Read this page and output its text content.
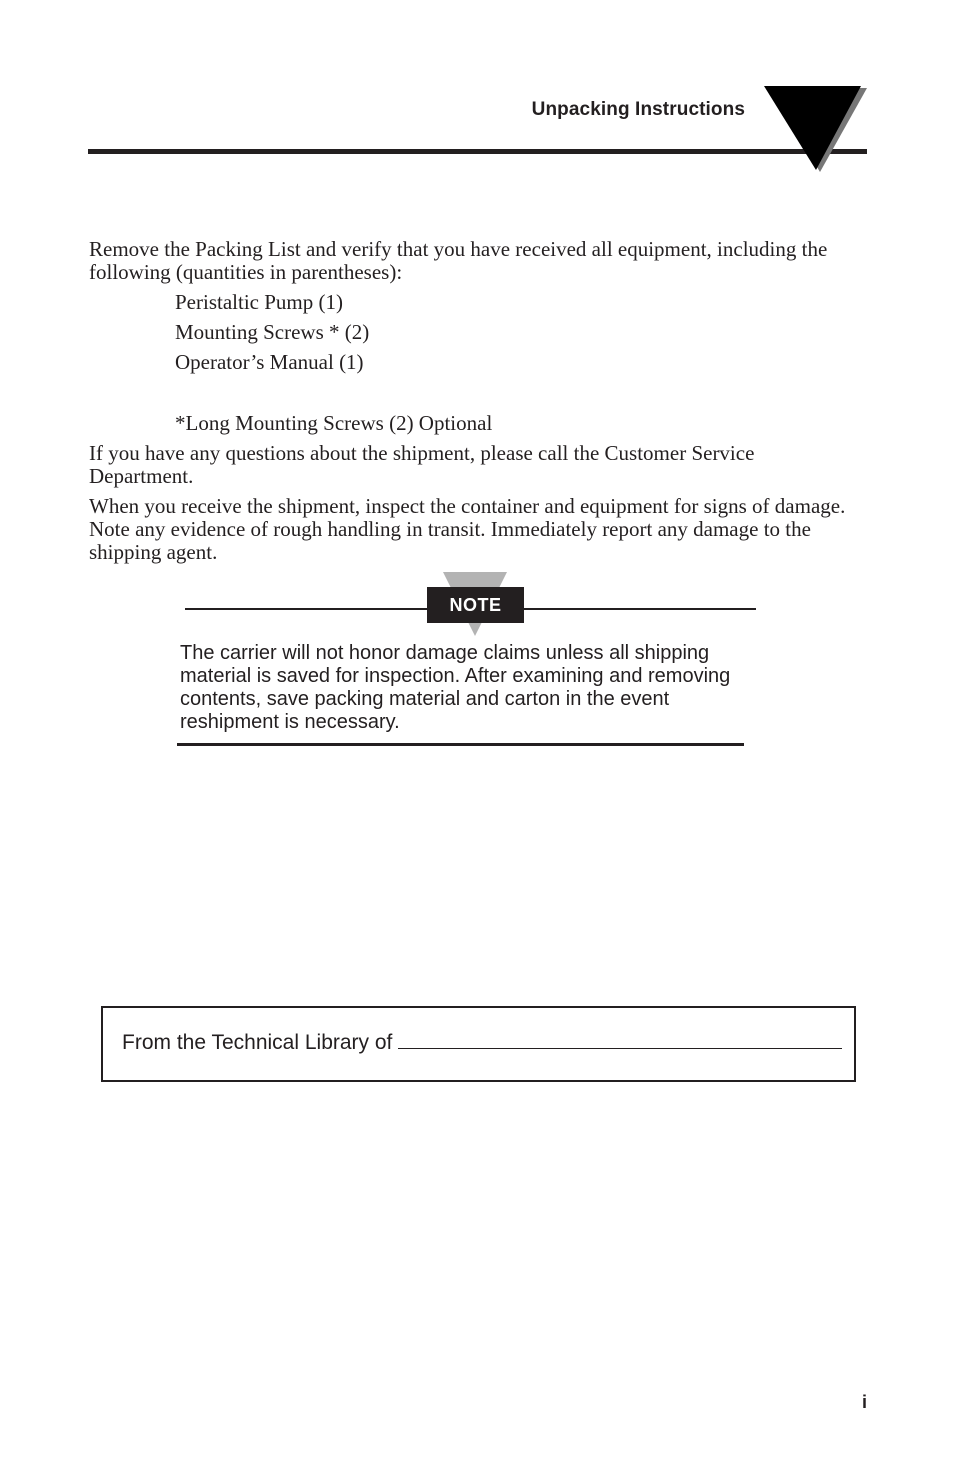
Unpacking Instructions

Remove the Packing List and verify that you have received all equipment, including the following (quantities in parentheses):

Peristaltic Pump (1)
Mounting Screws * (2)
Operator’s Manual (1)
*Long Mounting Screws (2) Optional

If you have any questions about the shipment, please call the Customer Service Department.

When you receive the shipment, inspect the container and equipment for signs of damage. Note any evidence of rough handling in transit. Immediately report any damage to the shipping agent.

NOTE

The carrier will not honor damage claims unless all shipping material is saved for inspection. After examining and removing contents, save packing material and carton in the event reshipment is necessary.

From the Technical Library of
i
